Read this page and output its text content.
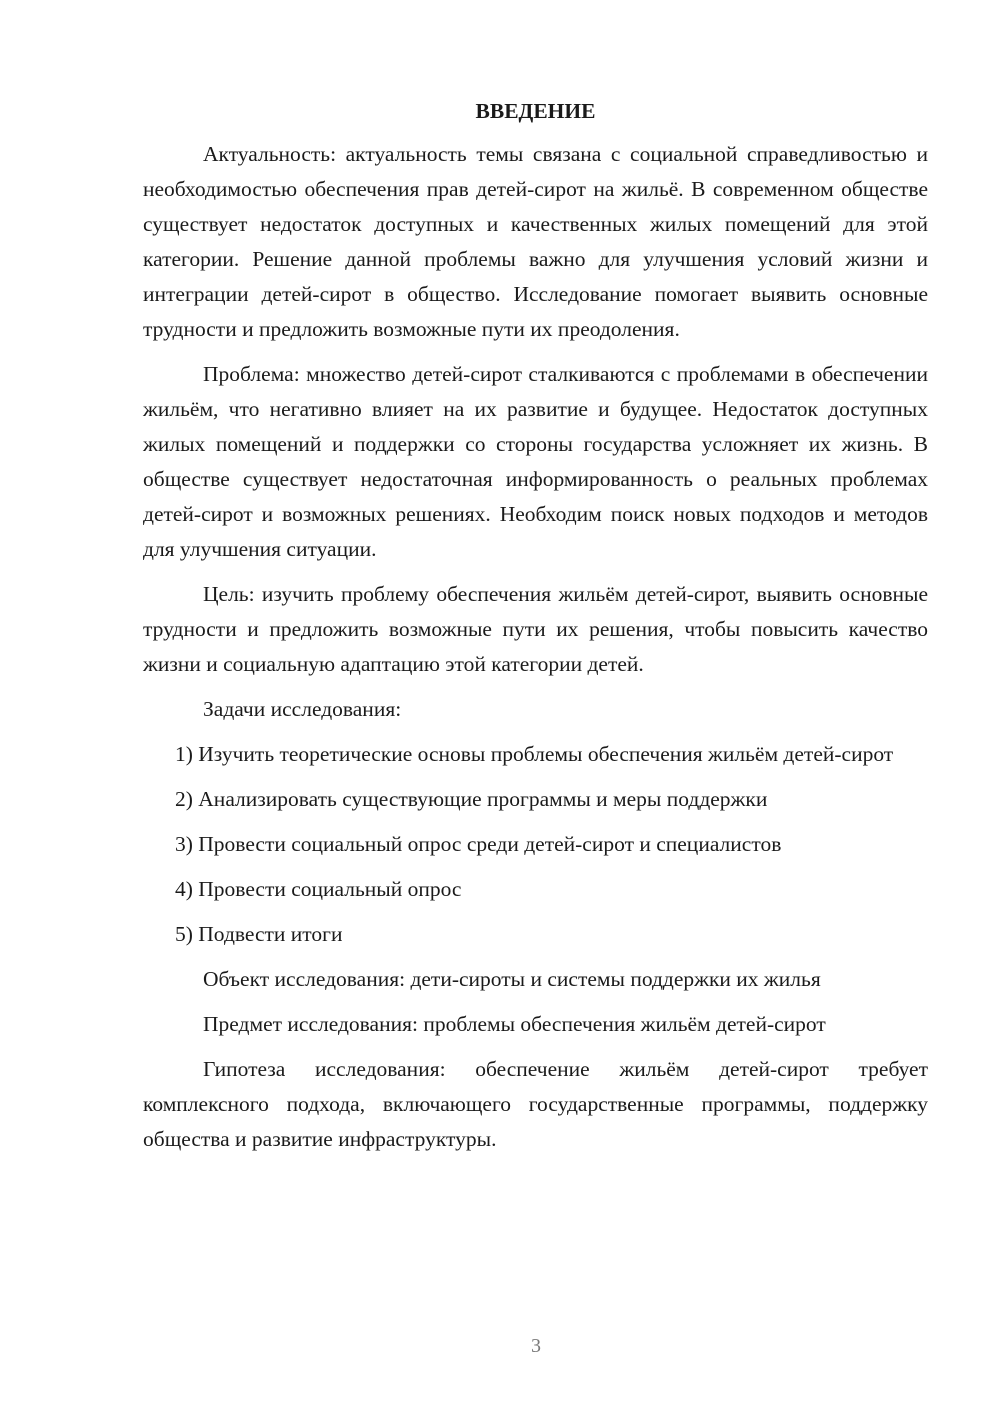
ВВЕДЕНИЕ

Актуальность: актуальность темы связана с социальной справедливостью и необходимостью обеспечения прав детей-сирот на жильё. В современном обществе существует недостаток доступных и качественных жилых помещений для этой категории. Решение данной проблемы важно для улучшения условий жизни и интеграции детей-сирот в общество. Исследование помогает выявить основные трудности и предложить возможные пути их преодоления.

Проблема: множество детей-сирот сталкиваются с проблемами в обеспечении жильём, что негативно влияет на их развитие и будущее. Недостаток доступных жилых помещений и поддержки со стороны государства усложняет их жизнь. В обществе существует недостаточная информированность о реальных проблемах детей-сирот и возможных решениях. Необходим поиск новых подходов и методов для улучшения ситуации.

Цель: изучить проблему обеспечения жильём детей-сирот, выявить основные трудности и предложить возможные пути их решения, чтобы повысить качество жизни и социальную адаптацию этой категории детей.

Задачи исследования:

1) Изучить теоретические основы проблемы обеспечения жильём детей-сирот

2) Анализировать существующие программы и меры поддержки

3) Провести социальный опрос среди детей-сирот и специалистов

4) Провести социальный опрос

5) Подвести итоги

Объект исследования: дети-сироты и системы поддержки их жилья

Предмет исследования: проблемы обеспечения жильём детей-сирот

Гипотеза исследования: обеспечение жильём детей-сирот требует комплексного подхода, включающего государственные программы, поддержку общества и развитие инфраструктуры.

3
